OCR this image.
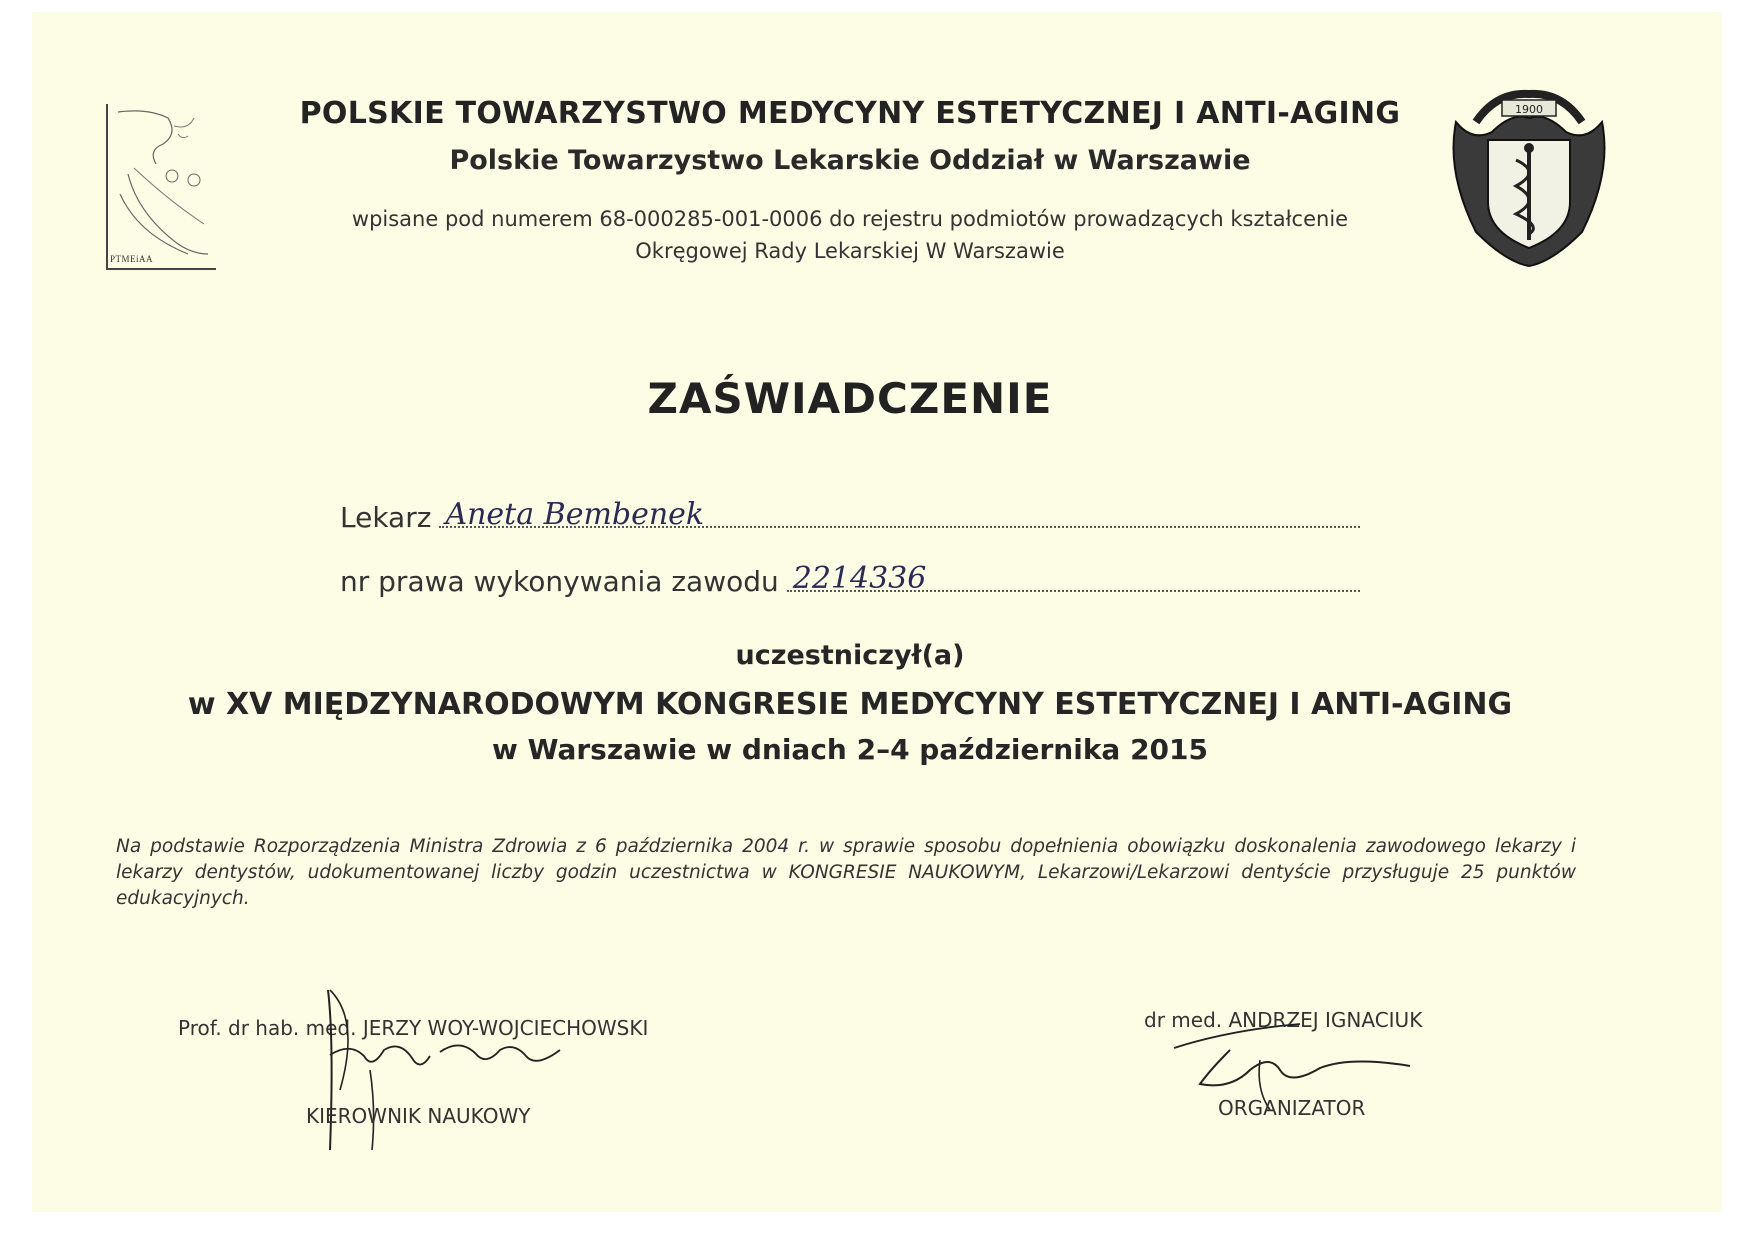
PTMEiAA
POLSKIE TOWARZYSTWO MEDYCYNY ESTETYCZNEJ I ANTI-AGING
Polskie Towarzystwo Lekarskie Oddział w Warszawie
wpisane pod numerem 68-000285-001-0006 do rejestru podmiotów prowadzących kształcenie
Okręgowej Rady Lekarskiej W Warszawie
1900
ZAŚWIADCZENIE
Lekarz Aneta Bembenek
nr prawa wykonywania zawodu 2214336
uczestniczył(a)
w XV MIĘDZYNARODOWYM KONGRESIE MEDYCYNY ESTETYCZNEJ I ANTI-AGING
w Warszawie w dniach 2–4 października 2015
Na podstawie Rozporządzenia Ministra Zdrowia z 6 października 2004 r. w sprawie sposobu dopełnienia obowiązku doskonalenia zawodowego lekarzy i lekarzy dentystów, udokumentowanej liczby godzin uczestnictwa w KONGRESIE NAUKOWYM, Lekarzowi/Lekarzowi dentyście przysługuje 25 punktów edukacyjnych.
Prof. dr hab. med. JERZY WOY-WOJCIECHOWSKI
KIEROWNIK NAUKOWY
dr med. ANDRZEJ IGNACIUK
ORGANIZATOR
